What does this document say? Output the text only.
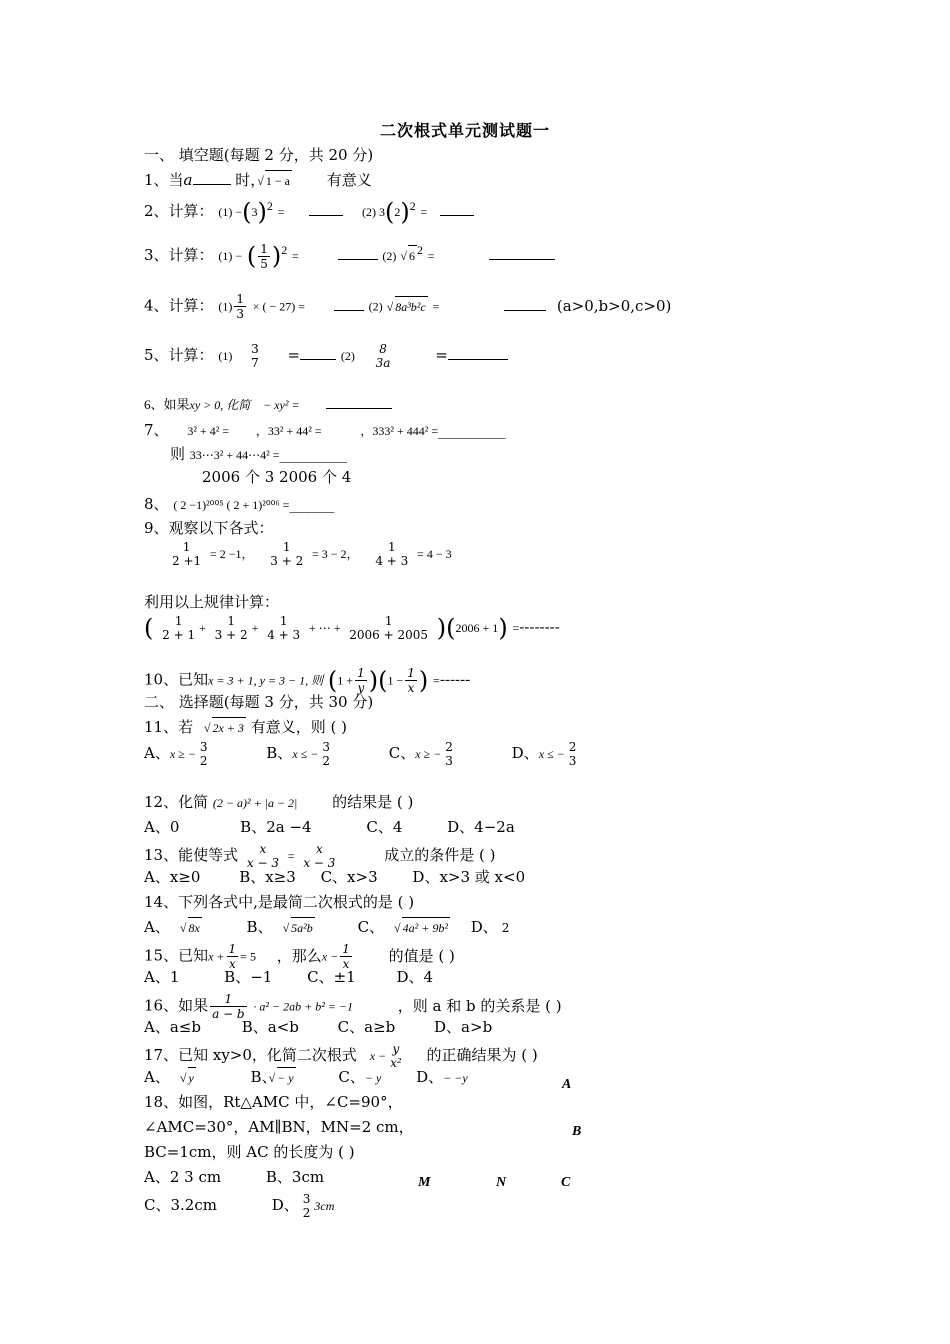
二次根式单元测试题一
一、 填空题(每题 2 分，共 20 分)
1、当a	时，√ 1 − a 有意义
2、计算： $(1) -(3)^2$ =	(2) $3(2)^2$ =
3、计算： (1) − ( $\frac{1}{5} )^2$ =	(2) √ 6 $^2$ =
4、计算： $(1) \frac{1}{3}$ × ( − 27) =	(2) √ 8a³b²c =	(a>0,b>0,c>0)
5、计算： (1) 3
7 =	(2)	8
3a	=
6、如果xy > 0, 化简 − xy² =
7、 3² + 4² = ，33² + 44² =	，333² + 444² =_________
则 33⋯3² + 44⋯4² =_________
2006 个 3 2006 个 4
8、 ( 2 −1)²⁰⁰⁵ ( 2 + 1)²⁰⁰⁶ =______
9、观察以下各式：
1
2 +1 = 2 −1，	1
3 + 2 = 3 − 2，	1
4 + 3 = 4 − 3
利用以上规律计算：
(	1
2 + 1 +	1
3 + 2 +	1
4 + 3 + ⋯ +	1
2006 + 2005 )(2006 + 1) =--------
10、已知x = 3 + 1, y = 3 − 1, 则 $(1 + \frac{1}{y} )(1 - \frac{1}{x}$ ) =------
二、 选择题(每题 3 分，共 30 分)
11、若 √ 2x + 3 有意义，则 ( )
A、x ≥ − 3
2	B、x ≤ − 3
2	C、x ≥ − 2
3	D、x ≤ − 2
3
12、化简 (2 − a)² + |a − 2| 的结果是 ( )
A、0	B、2a −4	C、4	D、4−2a
13、能使等式	x
x − 3 =	x
x − 3	成立的条件是 ( )
A、x≥0	B、x≥3 C、x>3 D、x>3 或 x<0
14、下列各式中,是最简二次根式的是 ( )
A、 √ 8x	B、 √ 5a²b	C、 √ 4a² + 9b² D、 2
15、已知$x + \frac{1}{x} = 5$ ，那么$x - \frac{1}{x}$ 的值是 ( )
A、1	B、−1 C、±1	D、4
16、如果 $\frac{1}{a - b} \cdot a^2 - 2ab + b^2 = -1$	，则 a 和 b 的关系是 ( )
A、a≤b	B、a<b	C、a≥b	D、a>b
17、已知 xy>0，化简二次根式 x − y
x² 的正确结果为 ( )
A、 √ y	B、√ − y	C、− y D、− −y
18、如图，Rt△AMC 中，∠C=90°，
∠AMC=30°，AM∥BN，MN=2 cm，
BC=1cm，则 AC 的长度为 ( )
A、2 3 cm	B、3cm
C、3.2cm	D、 3
2 3cm
A
B
M	N	C
